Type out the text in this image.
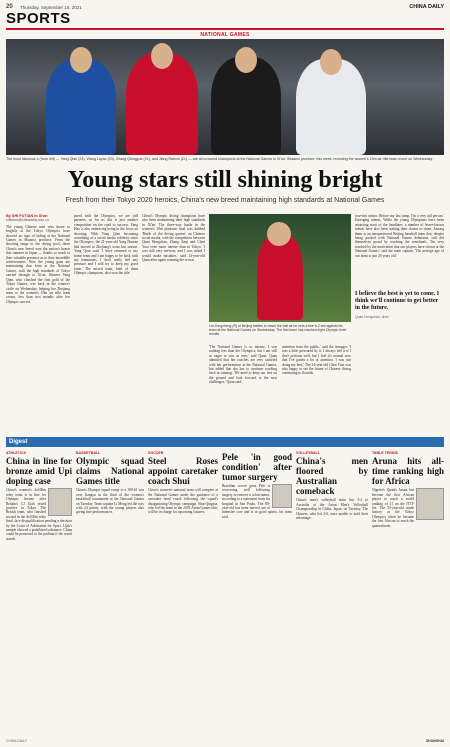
20 Thursday, September 16, 2021	CHINA DAILY
SPORTS
NATIONAL GAMES
The most fabulous 4 (from left) — Yang Qian (23), Wang Luyao (23), Zhang Qiongyue (21), and Jiang Ranxin (21) — are all crowned champions at the National Games in Xi'an, Shaanxi province, this week, including the women's 10m air rifle team event on Wednesday.
Young stars still shining bright
Fresh from their Tokyo 2020 heroics, China's new breed maintaining high standards at National Games
By SHI FUTIAN in Xi'an
shifutian@chinadaily.com.cn
The young Chinese men who shone so brightly at the Tokyo Olympics have showed no sign of fading at the National Games in Shaanxi province. From the shooting range to the diving pool, these China's new breed won the nation's hearts this summer in Japan — thanks so much to their valuable presence as to their incredible achievements. Now the young guns are maintaining that form at the National Games, with the high standards of Tokyo carried through to Xi'an. Shooter Yang Qian, who clinched the first gold of the Tokyo Games, was back in the winner's circle on Wednesday, helping her Zhejiang team to the women's 10m air rifle team crown, less than two months after her Olympic success.
pared with the Olympics, we are still partners, so for us this is just another competition on the road to success. Yang Hao is also embracing being in the focus on shooting. With Yang Qian becoming something of a social media celebrity since the Olympics, the 21-year-old Yang Haoran had moved to Zhejiang's team last season. Yang Qian said: 'I have returned to my home team and I am happy to be back with my teammates. I don't really feel any pressure and I will try to keep my good form.' The mixed team, both of them Olympic champions, also won the title.
China's Olympic diving champions have also been maintaining their high standards in Xi'an. The three-way battle in the women's 10m platform final was dubbed 'Battle of the diving queens' on Chinese social media, with the competition between Quan Hongchan, Zhang Jiaqi and Chen Yuxi even more intense than in Tokyo. 'I was still very nervous, and I was afraid I would make mistakes,' said 14-year-old Quan after again winning the crown.
Lai Zongzheng (R) of Beijing battles to reach the ball as he nets a fine 6-2 win against his team at the National Games on Wednesday. The first team has reached eight Olympic-level results.
'The National Games is so intense, I was nothing less than the Olympics, but I am still as eager to win as ever,' said Quan. Quan admitted that her coaches are very satisfied with her performance at the National Games, but added that she has to continue working hard in training. 'We need to keep our feet on the ground and look forward to the next challenges,' Quan said.
attention from the public,' said the teenager. 'I was a little pressured by it. I always feel it if I don't perform well, but I feel it's normal now that I've gotten a lot of attention. I was just doing my best.' The 14-year-old Chen Yuxi was also happy to see the future of Chinese diving continuing to flourish.
rose-tint sensor. Before my last jump, I'm a very tall person.' Emerging talents. While the young Olympians have been attracting most of the headlines, a number of lesser-known talents have also been staking their claims to shine. Among them is an inexperienced Beijing baseball team that, despite being packed with National Games debutants, still did themselves proud by reaching the semifinals. 'I'm very touched by the motivation that our players have shown at the National Games,' said the team captain. 'The average age of our team is just 20 years old.'
I believe the best is yet to come. I think we'll continue to get better in the future.
Quan Hongchan, diver
Digest
ATHLETICS
China in line for bronze amid Upi doping case
China's women's 4x100m relay team is in line for Olympic bronze after Britain's CJ Ujah tested positive in Tokyo. The British team, who finished second in the 4x100m relay final, face disqualification pending a decision by the Court of Arbitration for Sport. Ujah's sample showed a prohibited substance. China could be promoted to the podium if the result stands.
BASKETBALL
Olympic squad claims National Games title
China's Olympic squad swept to a 100-61 win over Jiangsu in the final of the women's basketball tournament at the National Games on Tuesday. Team captain Li Meng led the way with 24 points, with the young players also giving fine performances.
SOCCER
Steel Roses appoint caretaker coach Shui
China's women's national team will compete at the National Games under the guidance of a caretaker head coach following the squad's disappointing Olympic campaign. Shui Qingxia, who led the team to the 2018 Asian Games title, will be in charge for upcoming fixtures.
Pele 'in good condition' after tumor surgery
Brazilian soccer great Pele is recovering well following surgery to remove a colon tumor, according to a statement from his hospital in Sao Paulo. The 80-year-old has been moved out of intensive care and is in good spirits, his team said.
VOLLEYBALL
China's men floored by Australian comeback
China's men's volleyball team lost 3-2 to Australia at the Asian Men's Volleyball Championship in Chiba, Japan, on Tuesday. The Chinese, who led 2-0, were unable to hold their advantage.
TABLE TENNIS
Aruna hits all-time ranking high for Africa
Nigeria's Quadri Aruna has become the first African player to reach a world ranking of 11 on the ITTF list. The 33-year-old made history at the Tokyo Olympics when he became the first African to reach the quarterfinals.
CHINA DAILY	SHANGHAI
